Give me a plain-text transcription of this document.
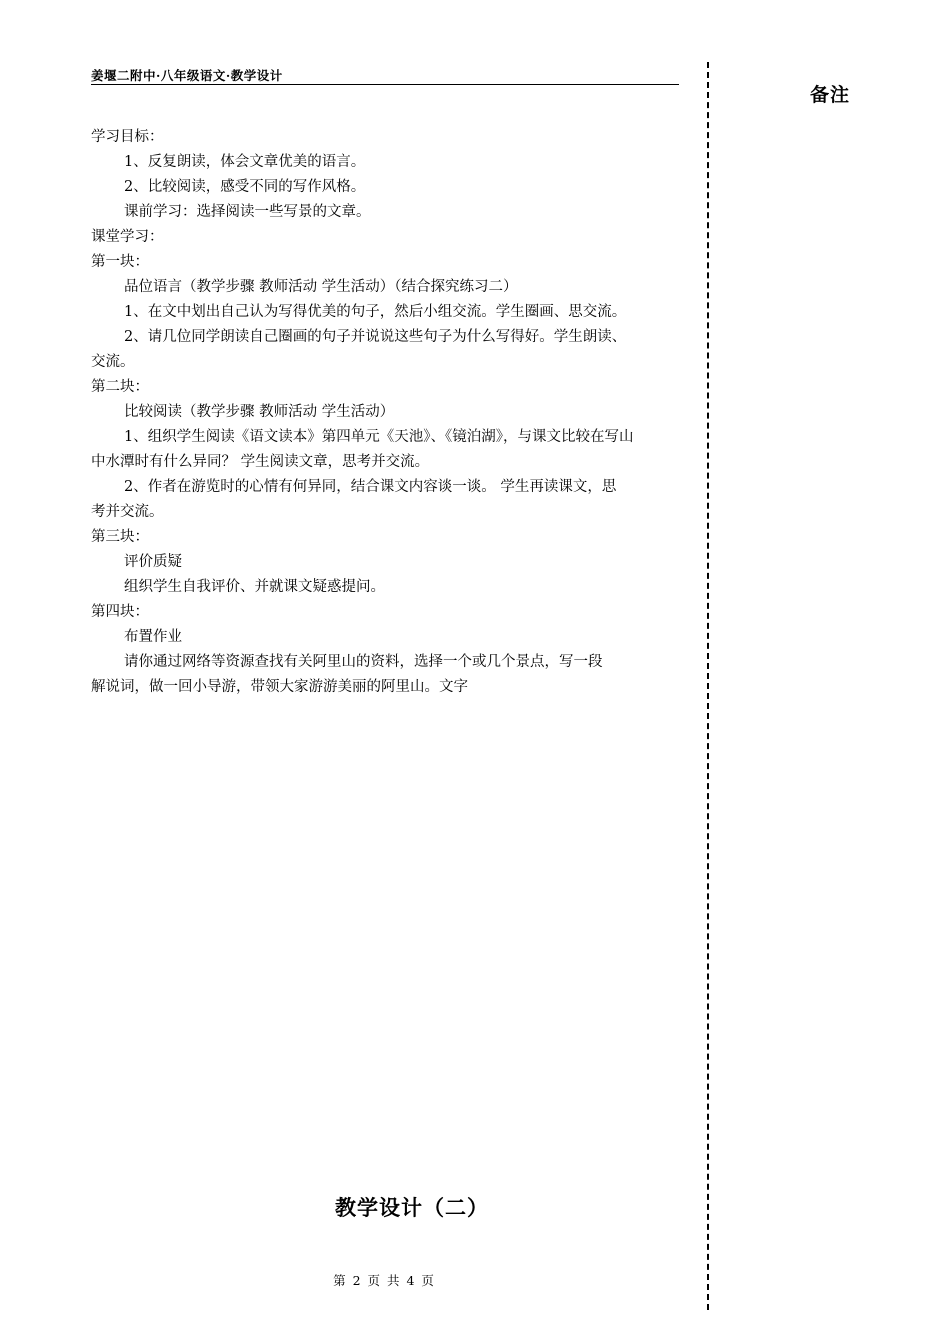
姜堰二附中·八年级语文·教学设计
备注
学习目标：
1、反复朗读，体会文章优美的语言。
2、比较阅读，感受不同的写作风格。
课前学习：选择阅读一些写景的文章。
课堂学习：
第一块：
品位语言（教学步骤 教师活动 学生活动）（结合探究练习二）
1、在文中划出自己认为写得优美的句子，然后小组交流。学生圈画、思交流。
2、请几位同学朗读自己圈画的句子并说说这些句子为什么写得好。学生朗读、
交流。
第二块：
比较阅读（教学步骤 教师活动 学生活动）
1、组织学生阅读《语文读本》第四单元《天池》、《镜泊湖》，与课文比较在写山
中水潭时有什么异同？ 学生阅读文章，思考并交流。
2、作者在游览时的心情有何异同，结合课文内容谈一谈。 学生再读课文，思
考并交流。
第三块：
评价质疑
组织学生自我评价、并就课文疑惑提问。
第四块：
布置作业
请你通过网络等资源查找有关阿里山的资料，选择一个或几个景点，写一段
解说词，做一回小导游，带领大家游游美丽的阿里山。文字
教学设计（二）
第 2 页 共 4 页
